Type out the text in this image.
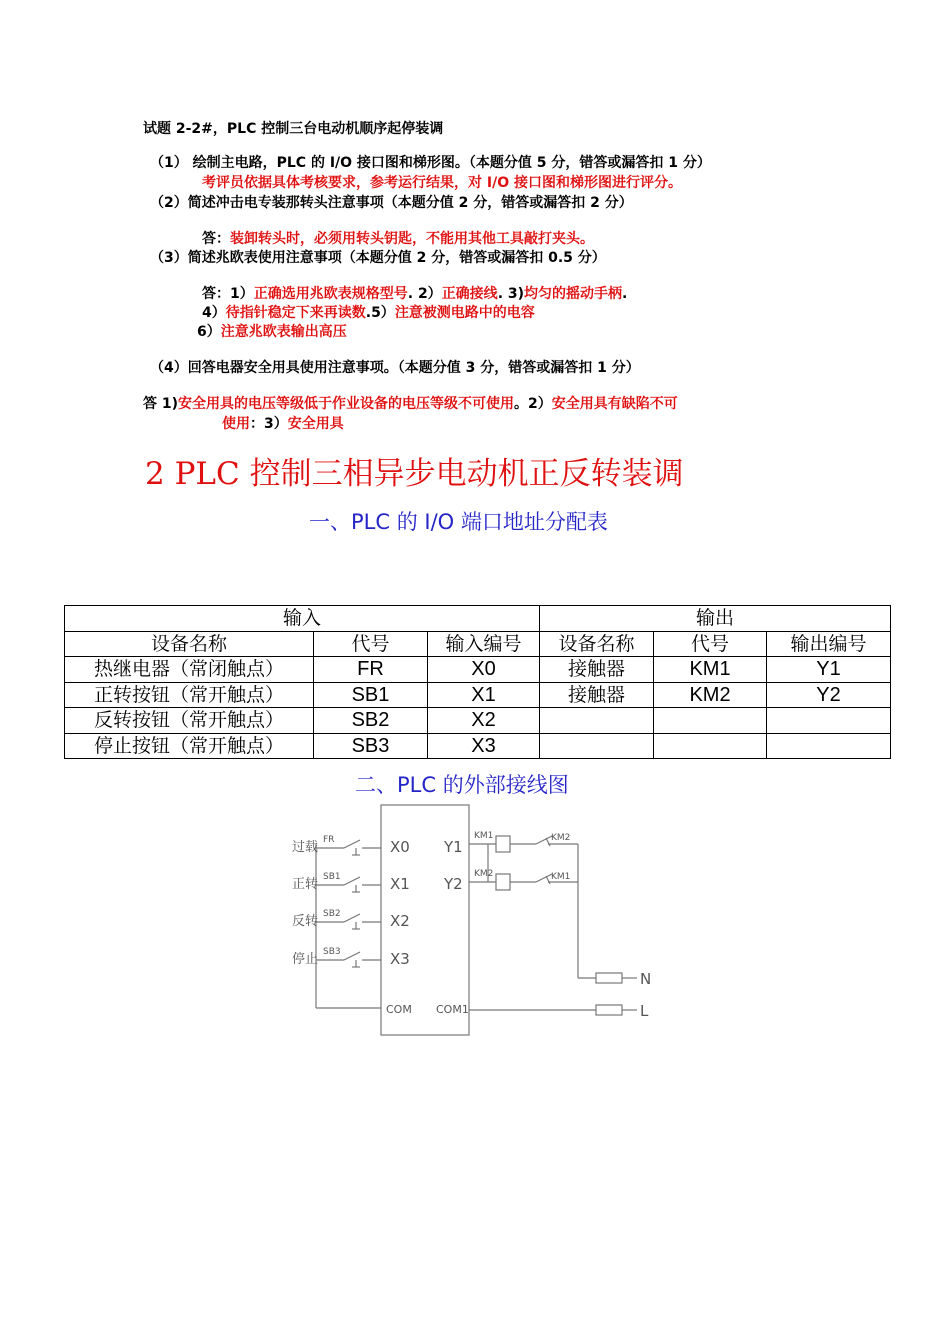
试题 2-2#，PLC 控制三台电动机顺序起停装调
（1） 绘制主电路，PLC 的 I/O 接口图和梯形图。（本题分值 5 分，错答或漏答扣 1 分）
考评员依据具体考核要求，参考运行结果，对 I/O 接口图和梯形图进行评分。
（2）简述冲击电专装那转头注意事项（本题分值 2 分，错答或漏答扣 2 分）
答：装卸转头时，必须用转头钥匙，不能用其他工具敲打夹头。
（3）简述兆欧表使用注意事项（本题分值 2 分，错答或漏答扣 0.5 分）
答：1）正确选用兆欧表规格型号. 2）正确接线. 3)均匀的摇动手柄.
4）待指针稳定下来再读数.5）注意被测电路中的电容
6）注意兆欧表输出高压
（4）回答电器安全用具使用注意事项。（本题分值 3 分，错答或漏答扣 1 分）
答 1)安全用具的电压等级低于作业设备的电压等级不可使用。2）安全用具有缺陷不可
使用：3）安全用具
2 PLC 控制三相异步电动机正反转装调
一、PLC 的 I/O 端口地址分配表
输入			输出		
设备名称	代号	输入编号	设备名称	代号	输出编号
热继电器（常闭触点）	FR	X0	接触器	KM1	Y1
正转按钮（常开触点）	SB1	X1	接触器	KM2	Y2
反转按钮（常开触点）	SB2	X2			
停止按钮（常开触点）	SB3	X3			
二、PLC 的外部接线图
过载
正转
反转
停止
FR
SB1
SB2
SB3
X0
X1
X2
X3
COM
Y1
Y2
COM1
KM1
KM2
KM2
KM1
N
L
